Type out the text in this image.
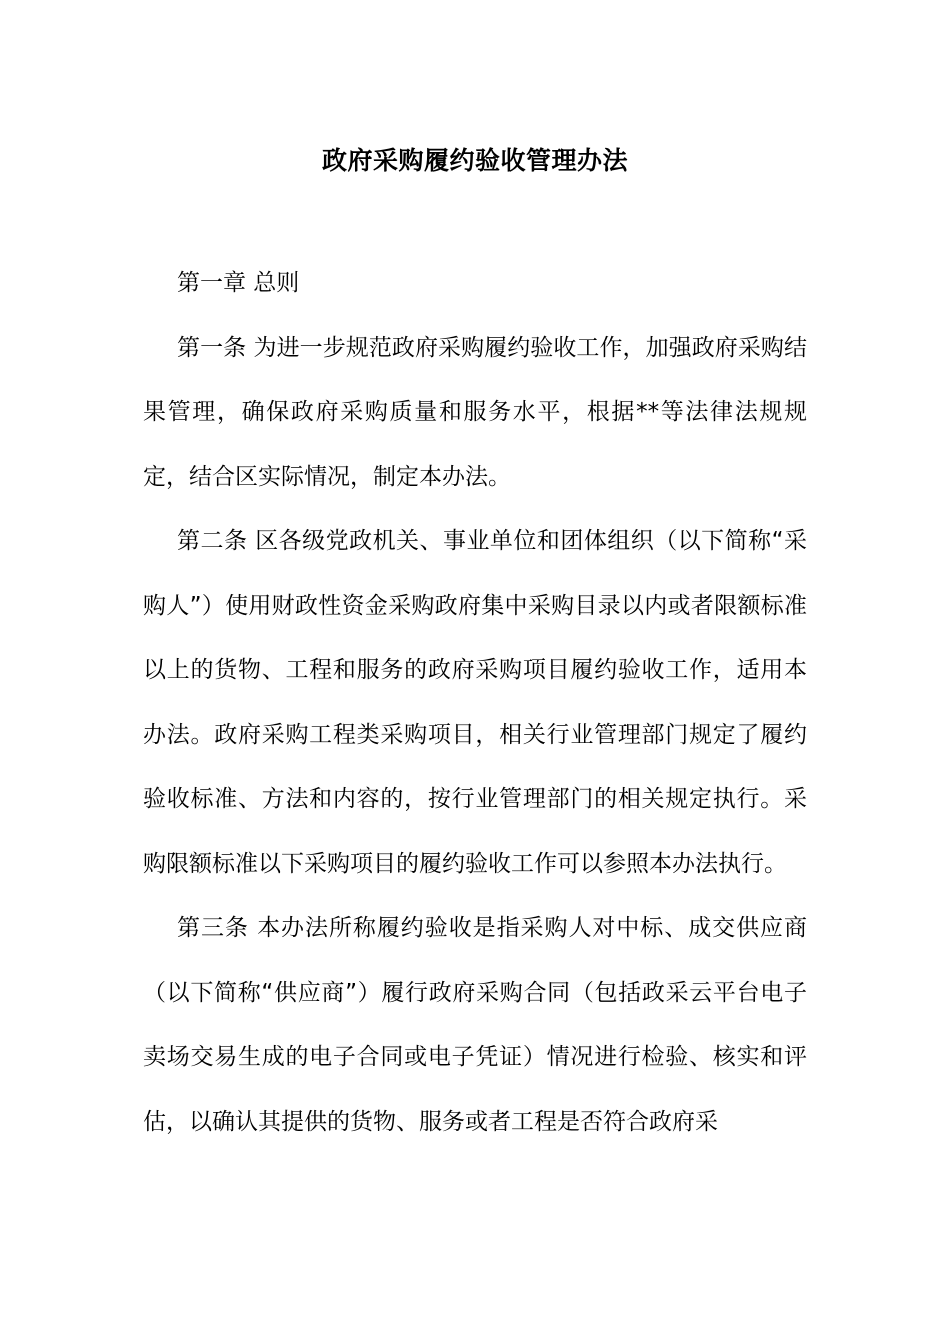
政府采购履约验收管理办法

第一章 总则

第一条 为进一步规范政府采购履约验收工作，加强政府采购结果管理，确保政府采购质量和服务水平，根据**等法律法规规定，结合区实际情况，制定本办法。

第二条 区各级党政机关、事业单位和团体组织（以下简称“采购人”）使用财政性资金采购政府集中采购目录以内或者限额标准以上的货物、工程和服务的政府采购项目履约验收工作，适用本办法。政府采购工程类采购项目，相关行业管理部门规定了履约验收标准、方法和内容的，按行业管理部门的相关规定执行。采购限额标准以下采购项目的履约验收工作可以参照本办法执行。

第三条 本办法所称履约验收是指采购人对中标、成交供应商（以下简称“供应商”）履行政府采购合同（包括政采云平台电子卖场交易生成的电子合同或电子凭证）情况进行检验、核实和评估，以确认其提供的货物、服务或者工程是否符合政府采
